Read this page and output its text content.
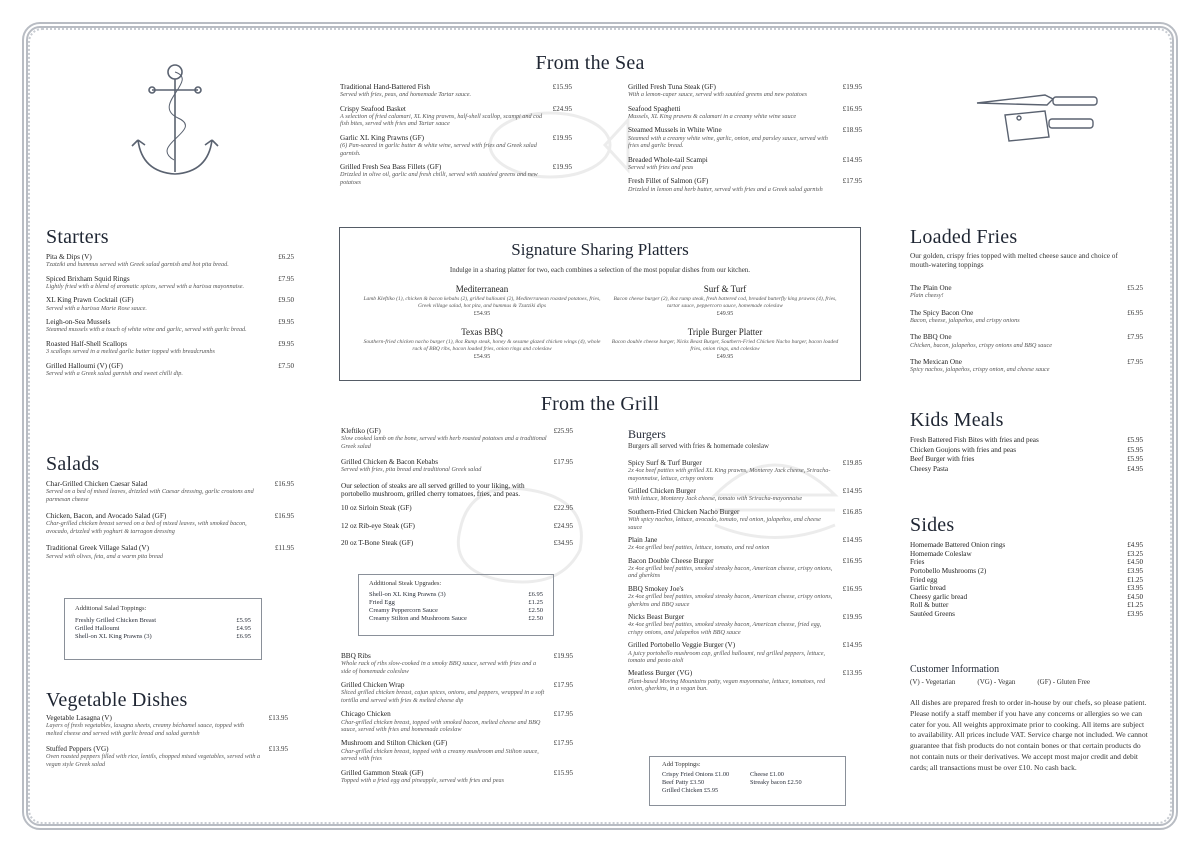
From the Sea
Traditional Hand-Battered Fish
Served with fries, peas, and homemade Tartar sauce.
£15.95
Crispy Seafood Basket
A selection of fried calamari, XL King prawns, half-shell scallop, scampi and cod fish bites, served with fries and Tartar sauce
£24.95
Garlic XL King Prawns (GF)
(6) Pan-seared in garlic butter & white wine, served with fries and Greek salad garnish.
£19.95
Grilled Fresh Sea Bass Fillets (GF)
Drizzled in olive oil, garlic and fresh chilli, served with sautéed greens and new potatoes
£19.95
Grilled Fresh Tuna Steak (GF)
With a lemon-caper sauce, served with sautéed greens and new potatoes
£19.95
Seafood Spaghetti
Mussels, XL King prawns & calamari in a creamy white wine sauce
£16.95
Steamed Mussels in White Wine
Steamed with a creamy white wine, garlic, onion, and parsley sauce, served with fries and garlic bread.
£18.95
Breaded Whole-tail Scampi
Served with fries and peas
£14.95
Fresh Fillet of Salmon (GF)
Drizzled in lemon and herb butter, served with fries and a Greek salad garnish
£17.95
Starters
Pita & Dips (V)
Tzatziki and hummus served with Greek salad garnish and hot pita bread.
£6.25
Spiced Brixham Squid Rings
Lightly fried with a blend of aromatic spices, served with a harissa mayonnaise.
£7.95
XL King Prawn Cocktail (GF)
Served with a harissa Marie Rose sauce.
£9.50
Leigh-on-Sea Mussels
Steamed mussels with a touch of white wine and garlic, served with garlic bread.
£9.95
Roasted Half-Shell Scallops
3 scallops served in a melted garlic butter topped with breadcrumbs
£9.95
Grilled Halloumi (V) (GF)
Served with a Greek salad garnish and sweet chilli dip.
£7.50
Salads
Char-Grilled Chicken Caesar Salad
Served on a bed of mixed leaves, drizzled with Caesar dressing, garlic croutons and parmesan cheese
£16.95
Chicken, Bacon, and Avocado Salad (GF)
Char-grilled chicken breast served on a bed of mixed leaves, with smoked bacon, avocado, drizzled with yoghurt & tarragon dressing
£16.95
Traditional Greek Village Salad (V)
Served with olives, feta, and a warm pita bread
£11.95
Additional Salad Toppings:
Freshly Grilled Chicken Breast	£5.95
Grilled Halloumi	£4.95
Shell-on XL King Prawns (3)	£6.95
Vegetable Dishes
Vegetable Lasagna (V)
Layers of fresh vegetables, lasagna sheets, creamy béchamel sauce, topped with melted cheese and served with garlic bread and salad garnish
£13.95
Stuffed Peppers (VG)
Oven roasted peppers filled with rice, lentils, chopped mixed vegetables, served with a vegan style Greek salad
£13.95
Signature Sharing Platters
Indulge in a sharing platter for two, each combines a selection of the most popular dishes from our kitchen.
Mediterranean
Lamb Kleftiko (1), chicken & bacon kebabs (2), grilled halloumi (2), Mediterranean roasted potatoes, fries, Greek village salad, hot pita, and hummus & Tzatziki dips
£54.95
Surf & Turf
Bacon cheese burger (2), 8oz rump steak, fresh battered cod, breaded butterfly king prawns (4), fries, tartar sauce, peppercorn sauce, homemade coleslaw
£49.95
Texas BBQ
Southern-fried chicken nacho burger (1), 8oz Rump steak, honey & sesame glazed chicken wings (4), whole rack of BBQ ribs, bacon loaded fries, onion rings and coleslaw
£54.95
Triple Burger Platter
Bacon double cheese burger, Nicks Beast Burger, Southern-Fried Chicken Nacho burger, bacon loaded fries, onion rings, and coleslaw
£49.95
From the Grill
Kleftiko (GF)
Slow cooked lamb on the bone, served with herb roasted potatoes and a traditional Greek salad
£25.95
Grilled Chicken & Bacon Kebabs
Served with fries, pita bread and traditional Greek salad
£17.95
Our selection of steaks are all served grilled to your liking, with portobello mushroom, grilled cherry tomatoes, fries, and peas.
10 oz Sirloin Steak (GF)	£22.95
12 oz Rib-eye Steak (GF)	£24.95
20 oz T-Bone Steak (GF)	£34.95
Additional Steak Upgrades:
Shell-on XL King Prawns (3)	£6.95
Fried Egg	£1.25
Creamy Peppercorn Sauce	£2.50
Creamy Stilton and Mushroom Sauce	£2.50
BBQ Ribs
Whole rack of ribs slow-cooked in a smoky BBQ sauce, served with fries and a side of homemade coleslaw
£19.95
Grilled Chicken Wrap
Sliced grilled chicken breast, cajun spices, onions, and peppers, wrapped in a soft tortilla and served with fries & melted cheese dip
£17.95
Chicago Chicken
Char-grilled chicken breast, topped with smoked bacon, melted cheese and BBQ sauce, served with fries and homemade coleslaw
£17.95
Mushroom and Stilton Chicken (GF)
Char-grilled chicken breast, topped with a creamy mushroom and Stilton sauce, served with fries
£17.95
Grilled Gammon Steak (GF)
Topped with a fried egg and pineapple, served with fries and peas
£15.95
Burgers
Burgers all served with fries & homemade coleslaw
Spicy Surf & Turf Burger
2x 4oz beef patties with grilled XL King prawns, Monterey Jack cheese, Sriracha-mayonnaise, lettuce, crispy onions
£19.85
Grilled Chicken Burger
With lettuce, Monterey Jack cheese, tomato with Sriracha-mayonnaise
£14.95
Southern-Fried Chicken Nacho Burger
With spicy nachos, lettuce, avocado, tomato, red onion, jalapeños, and cheese sauce
£16.85
Plain Jane
2x 4oz grilled beef patties, lettuce, tomato, and red onion
£14.95
Bacon Double Cheese Burger
2x 4oz grilled beef patties, smoked streaky bacon, American cheese, crispy onions, and gherkins
£16.95
BBQ Smokey Joe's
2x 4oz grilled beef patties, smoked streaky bacon, American cheese, crispy onions, gherkins and BBQ sauce
£16.95
Nicks Beast Burger
4x 4oz grilled beef patties, smoked streaky bacon, American cheese, fried egg, crispy onions, and jalapeños with BBQ sauce
£19.95
Grilled Portobello Veggie Burger (V)
A juicy portobello mushroom cap, grilled halloumi, red grilled peppers, lettuce, tomato and pesto aioli
£14.95
Meatless Burger (VG)
Plant-based Moving Mountains patty, vegan mayonnaise, lettuce, tomatoes, red onion, gherkins, in a vegan bun.
£13.95
Add Toppings:
Crispy Fried Onions £1.00	Cheese £1.00
Beef Patty £3.50	Streaky bacon £2.50
Grilled Chicken £5.95
Loaded Fries
Our golden, crispy fries topped with melted cheese sauce and choice of mouth-watering toppings
The Plain One
Plain cheesy!
£5.25
The Spicy Bacon One
Bacon, cheese, jalapeños, and crispy onions
£6.95
The BBQ One
Chicken, bacon, jalapeños, crispy onions and BBQ sauce
£7.95
The Mexican One
Spicy nachos, jalapeños, crispy onion, and cheese sauce
£7.95
Kids Meals
Fresh Battered Fish Bites with fries and peas	£5.95
Chicken Goujons with fries and peas	£5.95
Beef Burger with fries	£5.95
Cheesy Pasta	£4.95
Sides
Homemade Battered Onion rings	£4.95
Homemade Coleslaw	£3.25
Fries	£4.50
Portobello Mushrooms (2)	£3.95
Fried egg	£1.25
Garlic bread	£3.95
Cheesy garlic bread	£4.50
Roll & butter	£1.25
Sautéed Greens	£3.95
Customer Information
(V) - Vegetarian	(VG) - Vegan	(GF) - Gluten Free
All dishes are prepared fresh to order in-house by our chefs, so please patient. Please notify a staff member if you have any concerns or allergies so we can cater for you. All weights approximate prior to cooking. All items are subject to availability. All prices include VAT. Service charge not included. We cannot guarantee that fish products do not contain bones or that certain products do not contain nuts or their derivatives. We accept most major credit and debit cards; all transactions must be over £10. No cash back.
